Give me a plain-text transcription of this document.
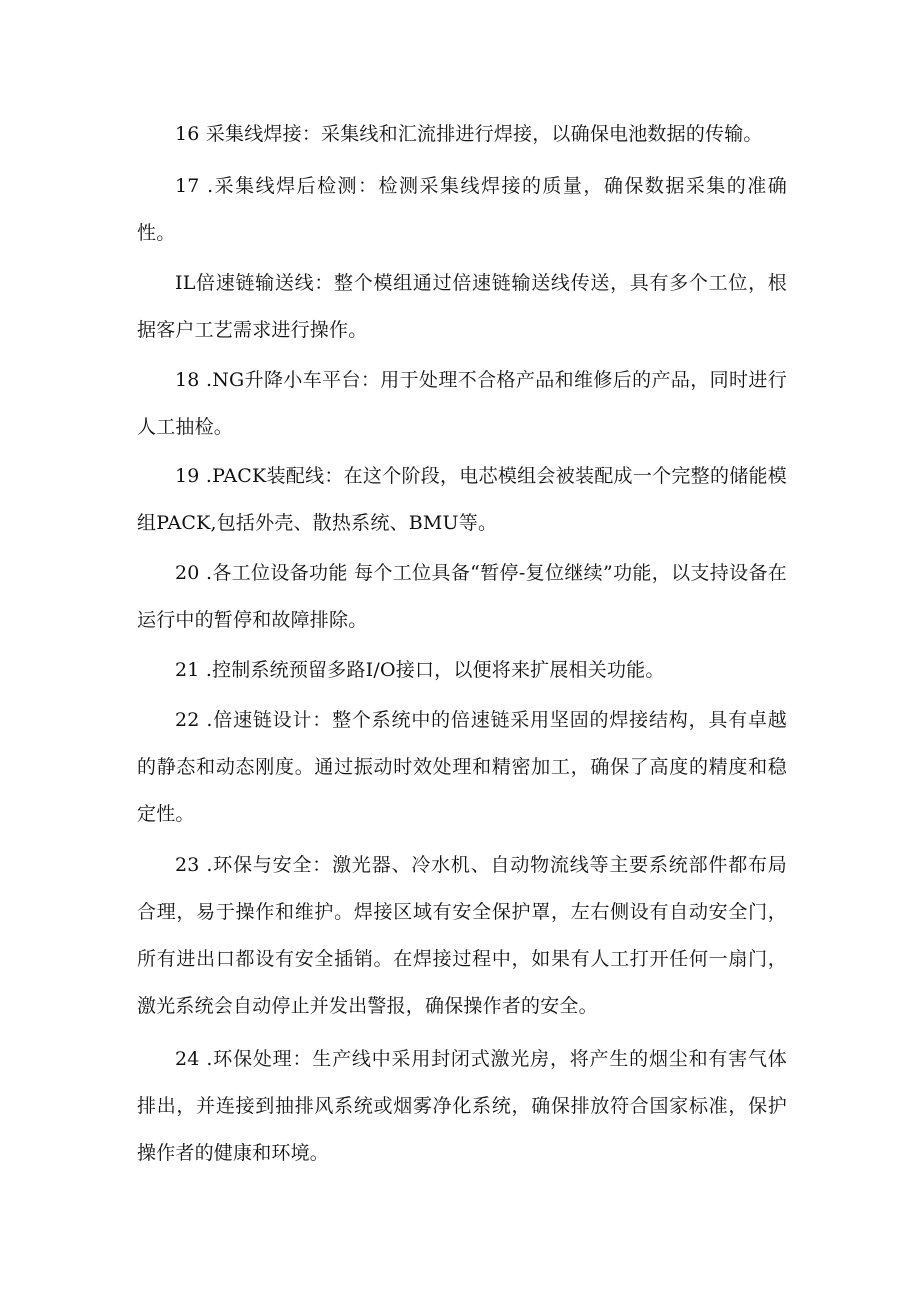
16 采集线焊接：采集线和汇流排进行焊接，以确保电池数据的传输。

17 .采集线焊后检测：检测采集线焊接的质量，确保数据采集的准确性。

IL倍速链输送线：整个模组通过倍速链输送线传送，具有多个工位，根据客户工艺需求进行操作。

18 .NG升降小车平台：用于处理不合格产品和维修后的产品，同时进行人工抽检。

19 .PACK装配线：在这个阶段，电芯模组会被装配成一个完整的储能模组PACK,包括外壳、散热系统、BMU等。

20 .各工位设备功能 每个工位具备“暂停-复位继续”功能，以支持设备在运行中的暂停和故障排除。

21 .控制系统预留多路I/O接口，以便将来扩展相关功能。

22 .倍速链设计：整个系统中的倍速链采用坚固的焊接结构，具有卓越的静态和动态刚度。通过振动时效处理和精密加工，确保了高度的精度和稳定性。

23 .环保与安全：激光器、冷水机、自动物流线等主要系统部件都布局合理，易于操作和维护。焊接区域有安全保护罩，左右侧设有自动安全门，所有进出口都设有安全插销。在焊接过程中，如果有人工打开任何一扇门，激光系统会自动停止并发出警报，确保操作者的安全。

24 .环保处理：生产线中采用封闭式激光房，将产生的烟尘和有害气体排出，并连接到抽排风系统或烟雾净化系统，确保排放符合国家标准，保护操作者的健康和环境。
